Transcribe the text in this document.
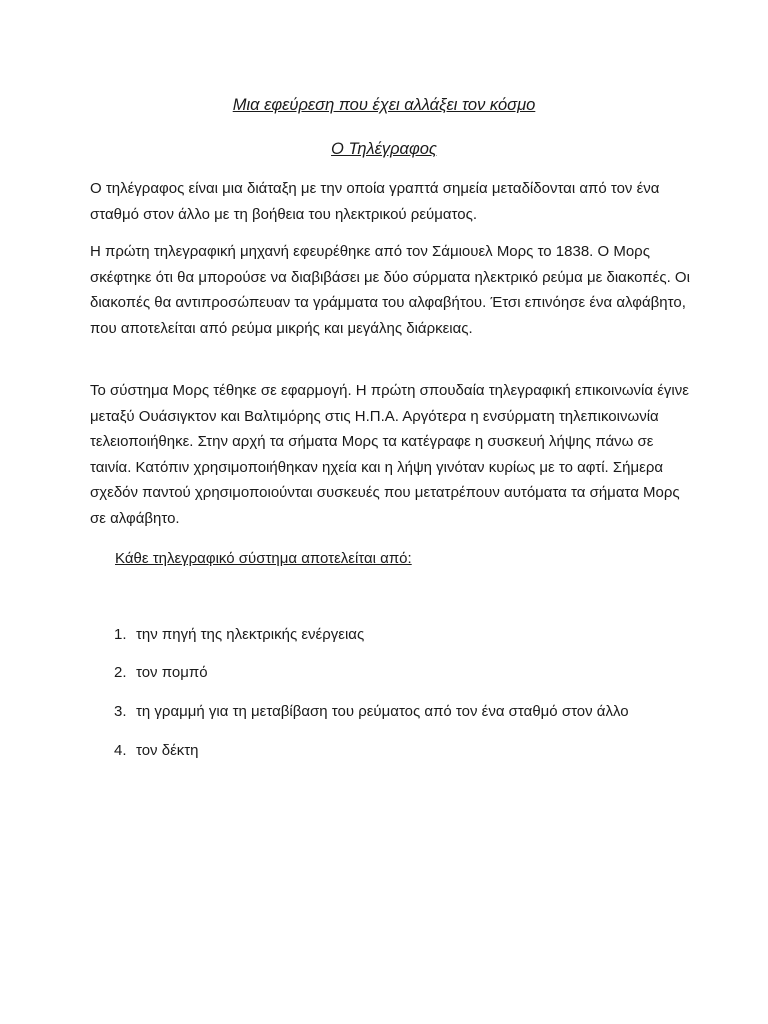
Μια εφεύρεση που έχει αλλάξει τον κόσμο
Ο Τηλέγραφος

Ο τηλέγραφος είναι μια διάταξη με την οποία γραπτά σημεία μεταδίδονται από τον ένα σταθμό στον άλλο με τη βοήθεια του ηλεκτρικού ρεύματος.

Η πρώτη τηλεγραφική μηχανή εφευρέθηκε από τον Σάμιουελ Μορς το 1838. Ο Μορς σκέφτηκε ότι θα μπορούσε να διαβιβάσει με δύο σύρματα ηλεκτρικό ρεύμα με διακοπές. Οι διακοπές θα αντιπροσώπευαν τα γράμματα του αλφαβήτου. Έτσι επινόησε ένα αλφάβητο, που αποτελείται από ρεύμα μικρής και μεγάλης διάρκειας.

Το σύστημα Μορς τέθηκε σε εφαρμογή. Η πρώτη σπουδαία τηλεγραφική επικοινωνία έγινε μεταξύ Ουάσιγκτον και Βαλτιμόρης στις Η.Π.Α. Αργότερα η ενσύρματη τηλεπικοινωνία τελειοποιήθηκε. Στην αρχή τα σήματα Μορς τα κατέγραφε η συσκευή λήψης πάνω σε ταινία. Κατόπιν χρησιμοποιήθηκαν ηχεία και η λήψη γινόταν κυρίως με το αφτί. Σήμερα σχεδόν παντού χρησιμοποιούνται συσκευές που μετατρέπουν αυτόματα τα σήματα Μορς σε αλφάβητο.

Κάθε τηλεγραφικό σύστημα αποτελείται από:

1. την πηγή της ηλεκτρικής ενέργειας
2. τον πομπό
3. τη γραμμή για τη μεταβίβαση του ρεύματος από τον ένα σταθμό στον άλλο
4. τον δέκτη
